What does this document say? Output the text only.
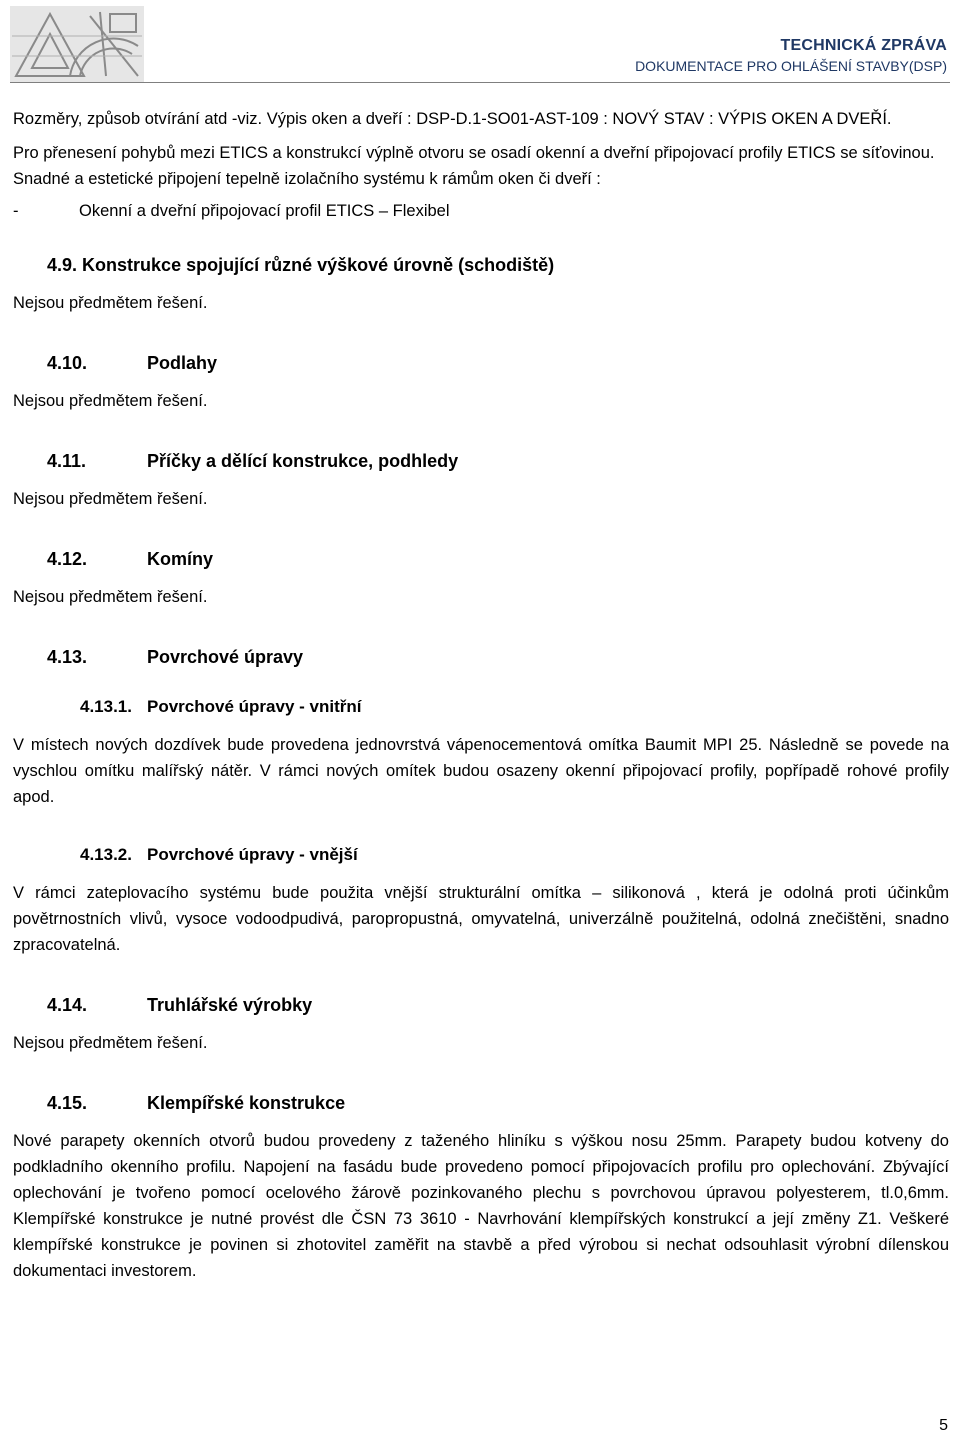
TECHNICKÁ ZPRÁVA
DOKUMENTACE PRO OHLÁŠENÍ STAVBY(DSP)

Rozměry, způsob otvírání atd -viz. Výpis oken a dveří : DSP-D.1-SO01-AST-109 : NOVÝ STAV : VÝPIS OKEN A DVEŘÍ.

Pro přenesení pohybů mezi ETICS a konstrukcí výplně otvoru se osadí okenní a dveřní připojovací profily ETICS se síťovinou. Snadné a estetické připojení tepelně izolačního systému k rámům oken či dveří :

-	Okenní a dveřní připojovací profil ETICS ‒ Flexibel

4.9. Konstrukce spojující různé výškové úrovně (schodiště)

Nejsou předmětem řešení.

4.10.	Podlahy

Nejsou předmětem řešení.

4.11.	Příčky a dělící konstrukce, podhledy

Nejsou předmětem řešení.

4.12.	Komíny

Nejsou předmětem řešení.

4.13.	Povrchové úpravy

4.13.1. Povrchové úpravy - vnitřní

V místech nových dozdívek bude provedena jednovrstvá vápenocementová omítka Baumit MPI 25. Následně se povede na vyschlou omítku malířský nátěr. V rámci nových omítek budou osazeny okenní připojovací profily, popřípadě rohové profily apod.

4.13.2. Povrchové úpravy - vnější

V rámci zateplovacího systému bude použita vnější strukturální omítka – silikonová , která je odolná proti účinkům povětrnostních vlivů, vysoce vodoodpudivá, paropropustná, omyvatelná, univerzálně použitelná, odolná znečištěni, snadno zpracovatelná.

4.14.	Truhlářské výrobky

Nejsou předmětem řešení.

4.15.	Klempířské konstrukce

Nové parapety okenních otvorů budou provedeny z taženého hliníku s výškou nosu 25mm. Parapety budou kotveny do podkladního okenního profilu. Napojení na fasádu bude provedeno pomocí připojovacích profilu pro oplechování. Zbývající oplechování je tvořeno pomocí ocelového žárově pozinkovaného plechu s povrchovou úpravou polyesterem, tl.0,6mm. Klempířské konstrukce je nutné provést dle ČSN 73 3610 - Navrhování klempířských konstrukcí a její změny Z1. Veškeré klempířské konstrukce je povinen si zhotovitel zaměřit na stavbě a před výrobou si nechat odsouhlasit výrobní dílenskou dokumentaci investorem.

5
